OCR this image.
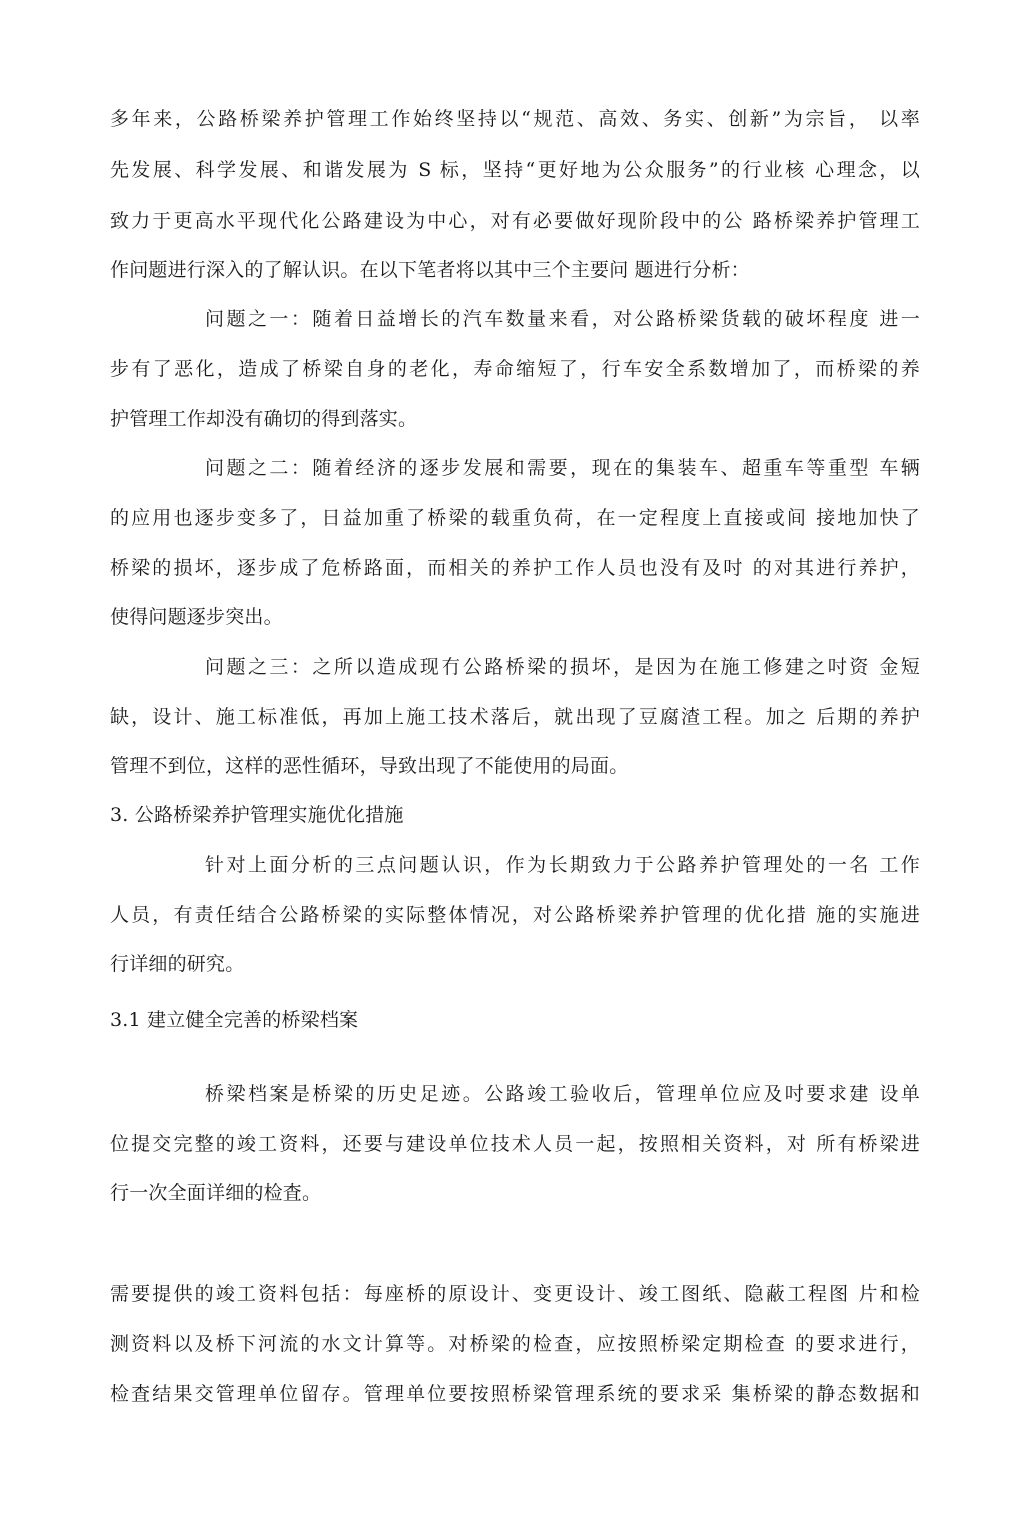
多年来，公路桥梁养护管理工作始终坚持以“规范、高效、务实、创新”为宗旨， 以率
先发展、科学发展、和谐发展为 S 标，坚持“更好地为公众服务”的行业核 心理念，以
致力于更高水平现代化公路建设为中心，对有必要做好现阶段中的公 路桥梁养护管理工
作问题进行深入的了解认识。在以下笔者将以其中三个主要问 题进行分析：
问题之一：随着日益增长的汽车数量来看，对公路桥梁货载的破坏程度 进一
步有了恶化，造成了桥梁自身的老化，寿命缩短了，行车安全系数增加了，而桥梁的养
护管理工作却没有确切的得到落实。
问题之二：随着经济的逐步发展和需要，现在的集装车、超重车等重型 车辆
的应用也逐步变多了，日益加重了桥梁的载重负荷，在一定程度上直接或间 接地加快了
桥梁的损坏，逐步成了危桥路面，而相关的养护工作人员也没有及吋 的对其进行养护，
使得问题逐步突出。
问题之三：之所以造成现冇公路桥梁的损坏，是因为在施工修建之吋资 金短
缺，设计、施工标准低，再加上施工技术落后，就出现了豆腐渣工程。加之 后期的养护
管理不到位，这样的恶性循环，导致出现了不能使用的局面。
3. 公路桥梁养护管理实施优化措施
针对上面分析的三点问题认识，作为长期致力于公路养护管理处的一名 工作
人员，有责任结合公路桥梁的实际整体情况，对公路桥梁养护管理的优化措 施的实施进
行详细的研究。
3.1 建立健全完善的桥梁档案
桥梁档案是桥梁的历史足迹。公路竣工验收后，管理单位应及吋要求建 设单
位提交完整的竣工资料，还要与建设单位技术人员一起，按照相关资料，对 所有桥梁进
行一次全面详细的检査。
需要提供的竣工资料包括：每座桥的原设计、变更设计、竣工图纸、隐蔽工程图 片和检
测资料以及桥下河流的水文计算等。对桥梁的检查，应按照桥梁定期检查 的要求进行，
检査结果交管理单位留存。管理单位要按照桥梁管理系统的要求采 集桥梁的静态数据和
